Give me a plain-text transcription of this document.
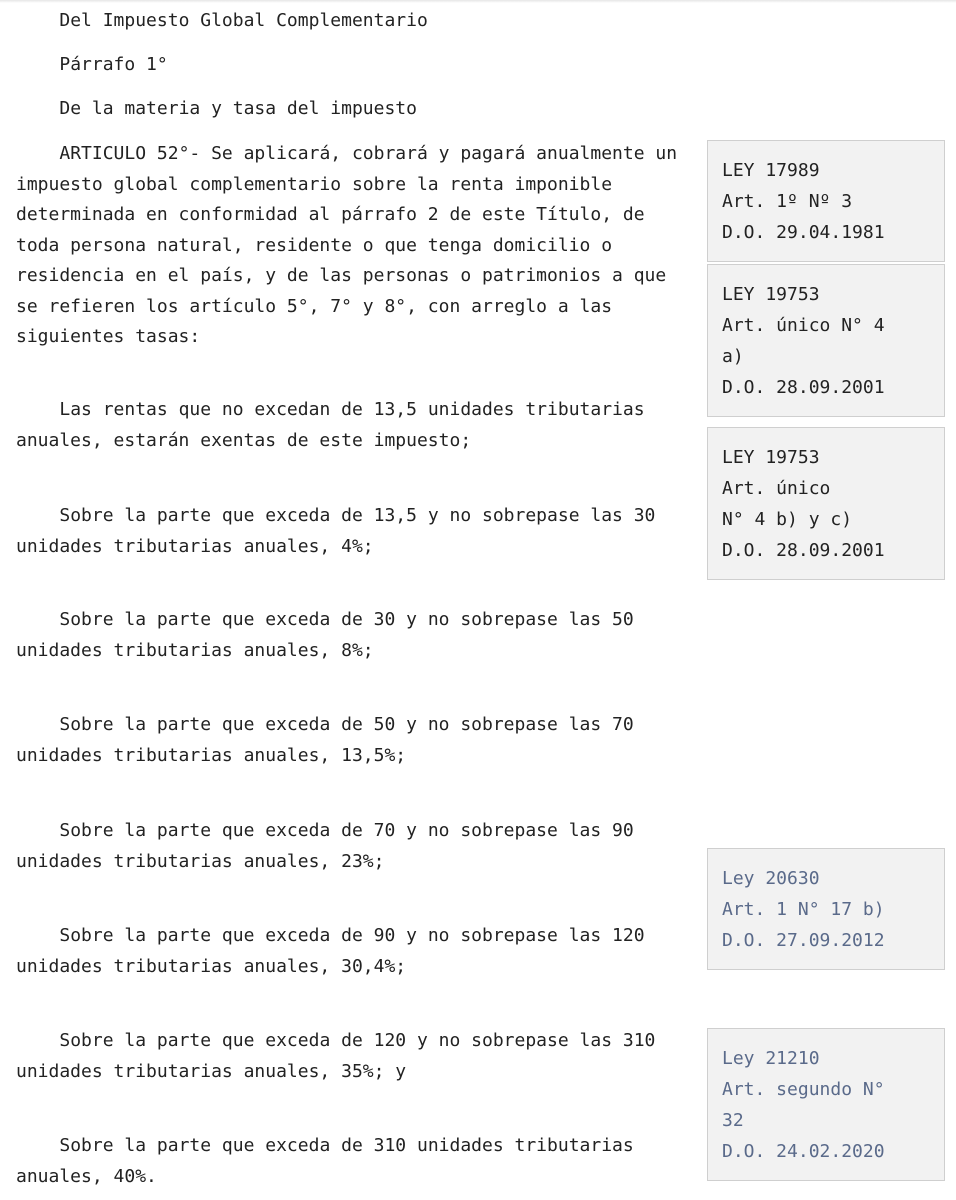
Del Impuesto Global Complementario

Párrafo 1°

De la materia y tasa del impuesto

ARTICULO 52°- Se aplicará, cobrará y pagará anualmente un impuesto global complementario sobre la renta imponible determinada en conformidad al párrafo 2 de este Título, de toda persona natural, residente o que tenga domicilio o residencia en el país, y de las personas o patrimonios a que se refieren los artículo 5°, 7° y 8°, con arreglo a las siguientes tasas:

Las rentas que no excedan de 13,5 unidades tributarias anuales, estarán exentas de este impuesto;

Sobre la parte que exceda de 13,5 y no sobrepase las 30 unidades tributarias anuales, 4%;

Sobre la parte que exceda de 30 y no sobrepase las 50 unidades tributarias anuales, 8%;

Sobre la parte que exceda de 50 y no sobrepase las 70 unidades tributarias anuales, 13,5%;

Sobre la parte que exceda de 70 y no sobrepase las 90 unidades tributarias anuales, 23%;

Sobre la parte que exceda de 90 y no sobrepase las 120 unidades tributarias anuales, 30,4%;

Sobre la parte que exceda de 120 y no sobrepase las 310 unidades tributarias anuales, 35%; y

Sobre la parte que exceda de 310 unidades tributarias anuales, 40%.

LEY 17989
Art. 1º Nº 3
D.O. 29.04.1981
LEY 19753
Art. único N° 4
a)
D.O. 28.09.2001
LEY 19753
Art. único
N° 4 b) y c)
D.O. 28.09.2001
Ley 20630
Art. 1 N° 17 b)
D.O. 27.09.2012
Ley 21210
Art. segundo N°
32
D.O. 24.02.2020
